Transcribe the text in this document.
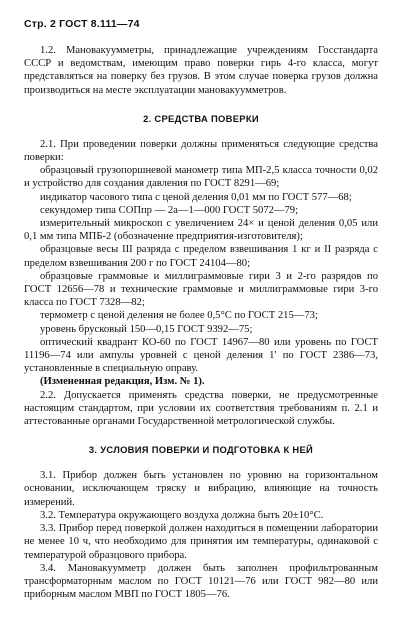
Стр. 2 ГОСТ 8.111—74

1.2. Мановакуумметры, принадлежащие учреждениям Госстандарта СССР и ведомствам, имеющим право поверки гирь 4-го класса, могут представляться на поверку без грузов. В этом случае поверка грузов должна производиться на месте эксплуатации мановакуумметров.

2. СРЕДСТВА ПОВЕРКИ

2.1. При проведении поверки должны применяться следующие средства поверки:

образцовый грузопоршневой манометр типа МП-2,5 класса точности 0,02 и устройство для создания давления по ГОСТ 8291—69;

индикатор часового типа с ценой деления 0,01 мм по ГОСТ 577—68;

секундомер типа СОПпр — 2а—1—000 ГОСТ 5072—79;

измерительный микроскоп с увеличением 24× и ценой деления 0,05 или 0,1 мм типа МПБ-2 (обозначение предприятия-изготовителя);

образцовые весы III разряда с пределом взвешивания 1 кг и II разряда с пределом взвешивания 200 г по ГОСТ 24104—80;

образцовые граммовые и миллиграммовые гири 3 и 2-го разрядов по ГОСТ 12656—78 и технические граммовые и миллиграммовые гири 3-го класса по ГОСТ 7328—82;

термометр с ценой деления не более 0,5°С по ГОСТ 215—73;

уровень брусковый 150—0,15 ГОСТ 9392—75;

оптический квадрант КО-60 по ГОСТ 14967—80 или уровень по ГОСТ 11196—74 или ампулы уровней с ценой деления 1′ по ГОСТ 2386—73, установленные в специальную оправу.

(Измененная редакция, Изм. № 1).

2.2. Допускается применять средства поверки, не предусмотренные настоящим стандартом, при условии их соответствия требованиям п. 2.1 и аттестованные органами Государственной метрологической службы.

3. УСЛОВИЯ ПОВЕРКИ И ПОДГОТОВКА К НЕЙ

3.1. Прибор должен быть установлен по уровню на горизонтальном основании, исключающем тряску и вибрацию, влияющие на точность измерений.

3.2. Температура окружающего воздуха должна быть 20±10°С.

3.3. Прибор перед поверкой должен находиться в помещении лаборатории не менее 10 ч, что необходимо для принятия им температуры, одинаковой с температурой образцового прибора.

3.4. Мановакуумметр должен быть заполнен профильтрованным трансформаторным маслом по ГОСТ 10121—76 или ГОСТ 982—80 или приборным маслом МВП по ГОСТ 1805—76.
